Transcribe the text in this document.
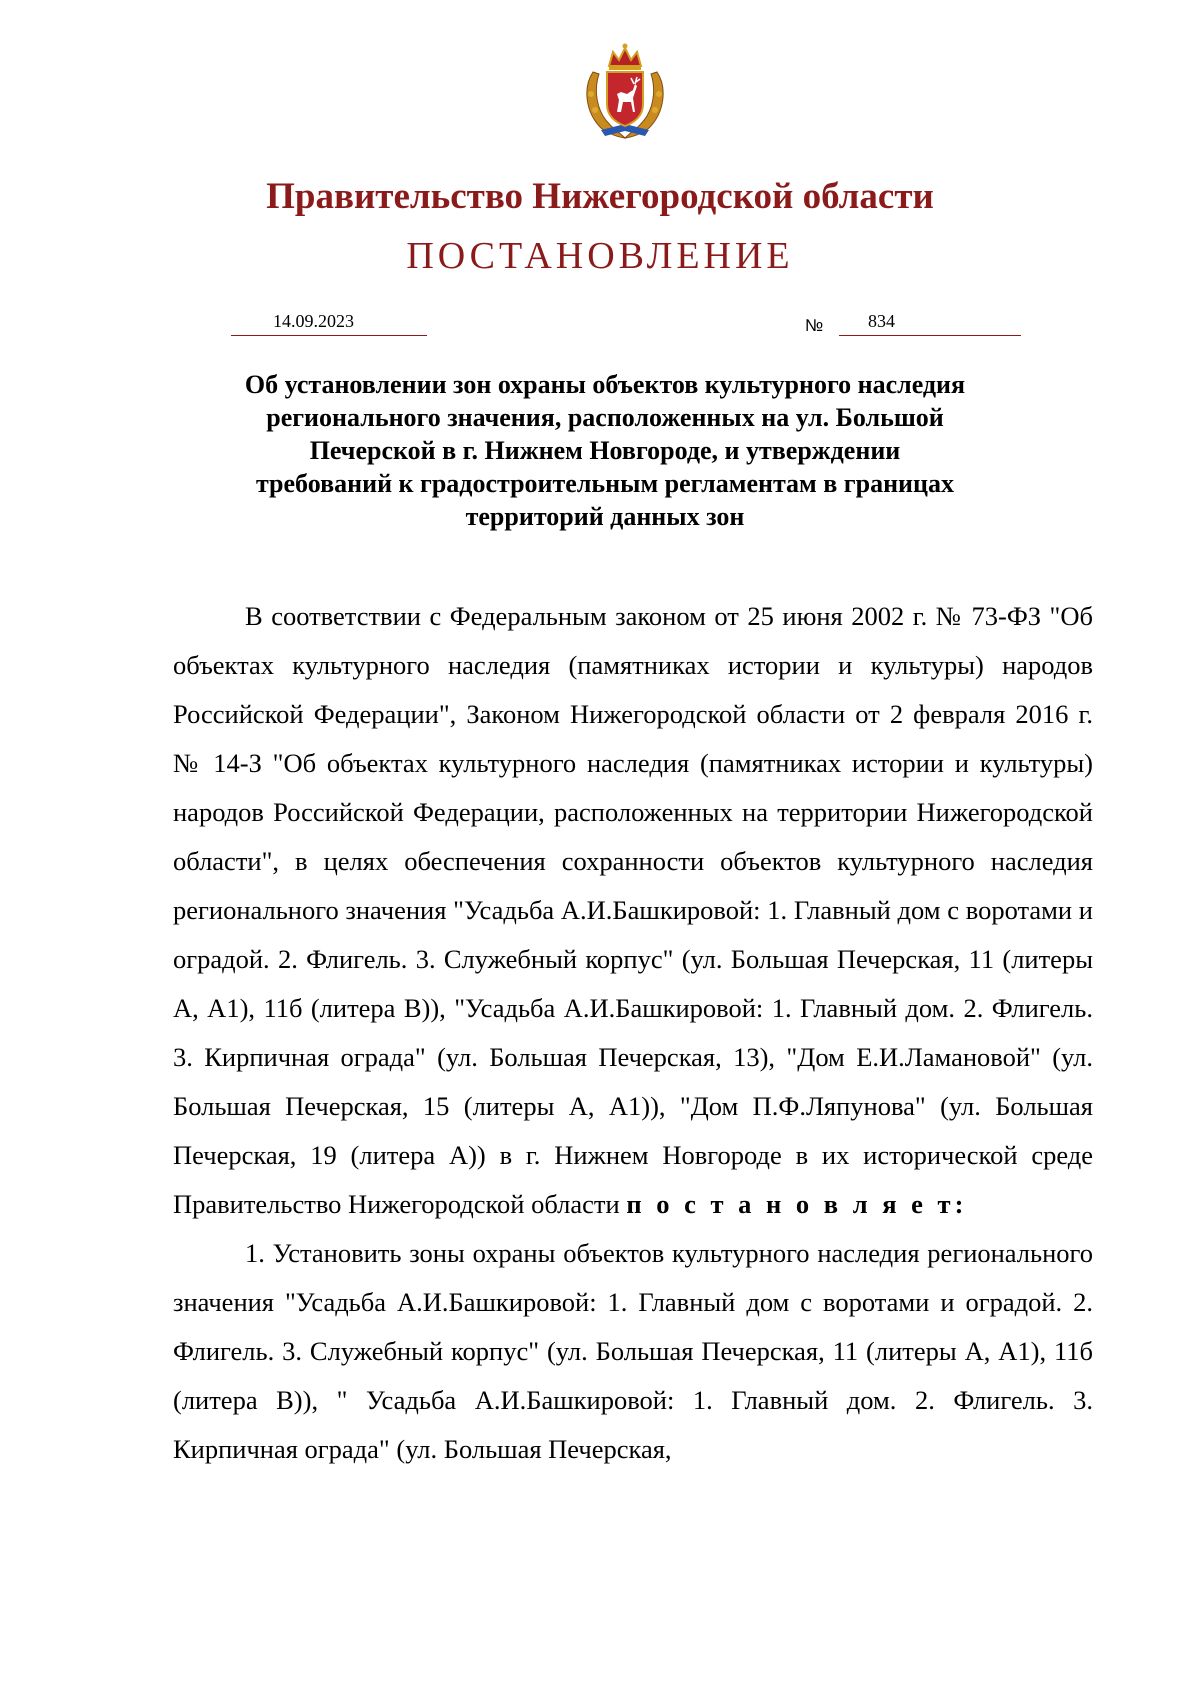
Правительство Нижегородской области
ПОСТАНОВЛЕНИЕ
14.09.2023	№ 834
Об установлении зон охраны объектов культурного наследия
регионального значения, расположенных на ул. Большой
Печерской в г. Нижнем Новгороде, и утверждении
требований к градостроительным регламентам в границах
территорий данных зон

В соответствии с Федеральным законом от 25 июня 2002 г. № 73-ФЗ "Об объектах культурного наследия (памятниках истории и культуры) народов Российской Федерации", Законом Нижегородской области от 2 февраля 2016 г. № 14-З "Об объектах культурного наследия (памятниках истории и культуры) народов Российской Федерации, расположенных на территории Нижегородской области", в целях обеспечения сохранности объектов культурного наследия регионального значения "Усадьба А.И.Башкировой: 1. Главный дом с воротами и оградой. 2. Флигель. 3. Служебный корпус" (ул. Большая Печерская, 11 (литеры А, А1), 11б (литера В)), "Усадьба А.И.Башкировой: 1. Главный дом. 2. Флигель. 3. Кирпичная ограда" (ул. Большая Печерская, 13), "Дом Е.И.Ламановой" (ул. Большая Печерская, 15 (литеры А, А1)), "Дом П.Ф.Ляпунова" (ул. Большая Печерская, 19 (литера А)) в г. Нижнем Новгороде в их исторической среде Правительство Нижегородской области п о с т а н о в л я е т:

1. Установить зоны охраны объектов культурного наследия регионального значения "Усадьба А.И.Башкировой: 1. Главный дом с воротами и оградой. 2. Флигель. 3. Служебный корпус" (ул. Большая Печерская, 11 (литеры А, А1), 11б (литера В)), " Усадьба А.И.Башкировой: 1. Главный дом. 2. Флигель. 3. Кирпичная ограда" (ул. Большая Печерская,
